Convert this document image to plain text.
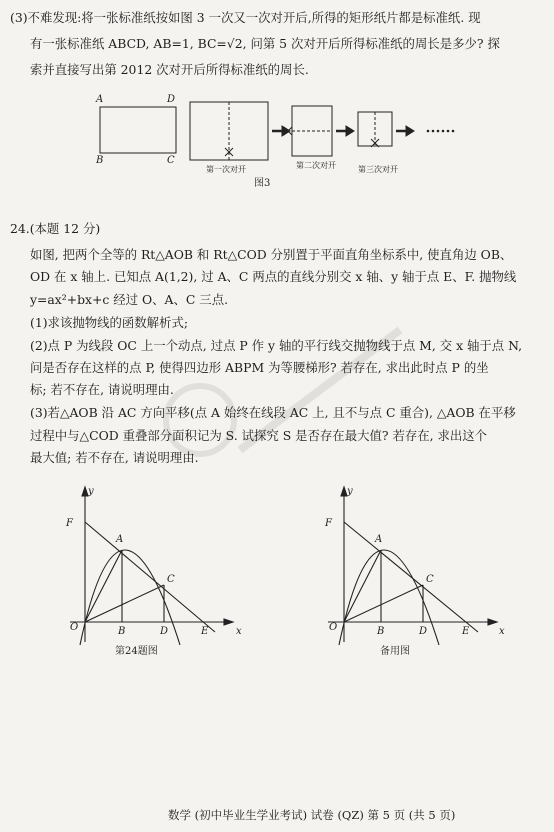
(3)不难发现:将一张标准纸按如图 3 一次又一次对开后,所得的矩形纸片都是标准纸. 现
有一张标准纸 ABCD, AB=1, BC=√2, 问第 5 次对开后所得标准纸的周长是多少? 探
索并直接写出第 2012 次对开后所得标准纸的周长.
A	D
B	C
第一次对开	第二次对开	第三次对开
图3
24.(本题 12 分)
如图, 把两个全等的 Rt△AOB 和 Rt△COD 分别置于平面直角坐标系中, 使直角边 OB、
OD 在 x 轴上. 已知点 A(1,2), 过 A、C 两点的直线分别交 x 轴、y 轴于点 E、F. 抛物线
y=ax²+bx+c 经过 O、A、C 三点.
(1)求该抛物线的函数解析式;
(2)点 P 为线段 OC 上一个动点, 过点 P 作 y 轴的平行线交抛物线于点 M, 交 x 轴于点 N,
问是否存在这样的点 P, 使得四边形 ABPM 为等腰梯形? 若存在, 求出此时点 P 的坐
标; 若不存在, 请说明理由.
(3)若△AOB 沿 AC 方向平移(点 A 始终在线段 AC 上, 且不与点 C 重合), △AOB 在平移
过程中与△COD 重叠部分面积记为 S. 试探究 S 是否存在最大值? 若存在, 求出这个
最大值; 若不存在, 请说明理由.
y
F
A
C
O	B	D	E	x
第24题图
y
F
A
C
O	B	D	E	x
备用图
数学 (初中毕业生学业考试) 试卷 (QZ) 第 5 页 (共 5 页)
